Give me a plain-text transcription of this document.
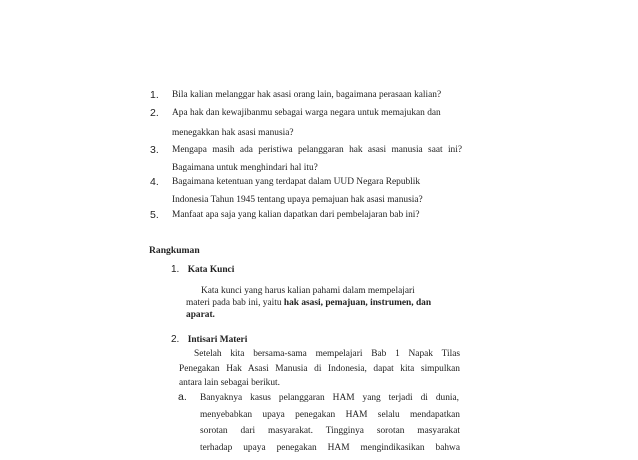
1.	Bila kalian melanggar hak asasi orang lain, bagaimana perasaan kalian?
2.	Apa hak dan kewajibanmu sebagai warga negara untuk memajukan dan
menegakkan hak asasi manusia?
3.	Mengapa masih ada peristiwa pelanggaran hak asasi manusia saat ini?
Bagaimana untuk menghindari hal itu?
4.	Bagaimana ketentuan yang terdapat dalam UUD Negara Republik
Indonesia Tahun 1945 tentang upaya pemajuan hak asasi manusia?
5.	Manfaat apa saja yang kalian dapatkan dari pembelajaran bab ini?
Rangkuman
1. Kata Kunci
Kata kunci yang harus kalian pahami dalam mempelajari
materi pada bab ini, yaitu hak asasi, pemajuan, instrumen, dan
aparat.
2. Intisari Materi
Setelah kita bersama-sama mempelajari Bab 1 Napak Tilas
Penegakan Hak Asasi Manusia di Indonesia, dapat kita simpulkan
antara lain sebagai berikut.
a. Banyaknya kasus pelanggaran HAM yang terjadi di dunia,
menyebabkan upaya penegakan HAM selalu mendapatkan
sorotan dari masyarakat. Tingginya sorotan masyarakat
terhadap upaya penegakan HAM mengindikasikan bahwa
